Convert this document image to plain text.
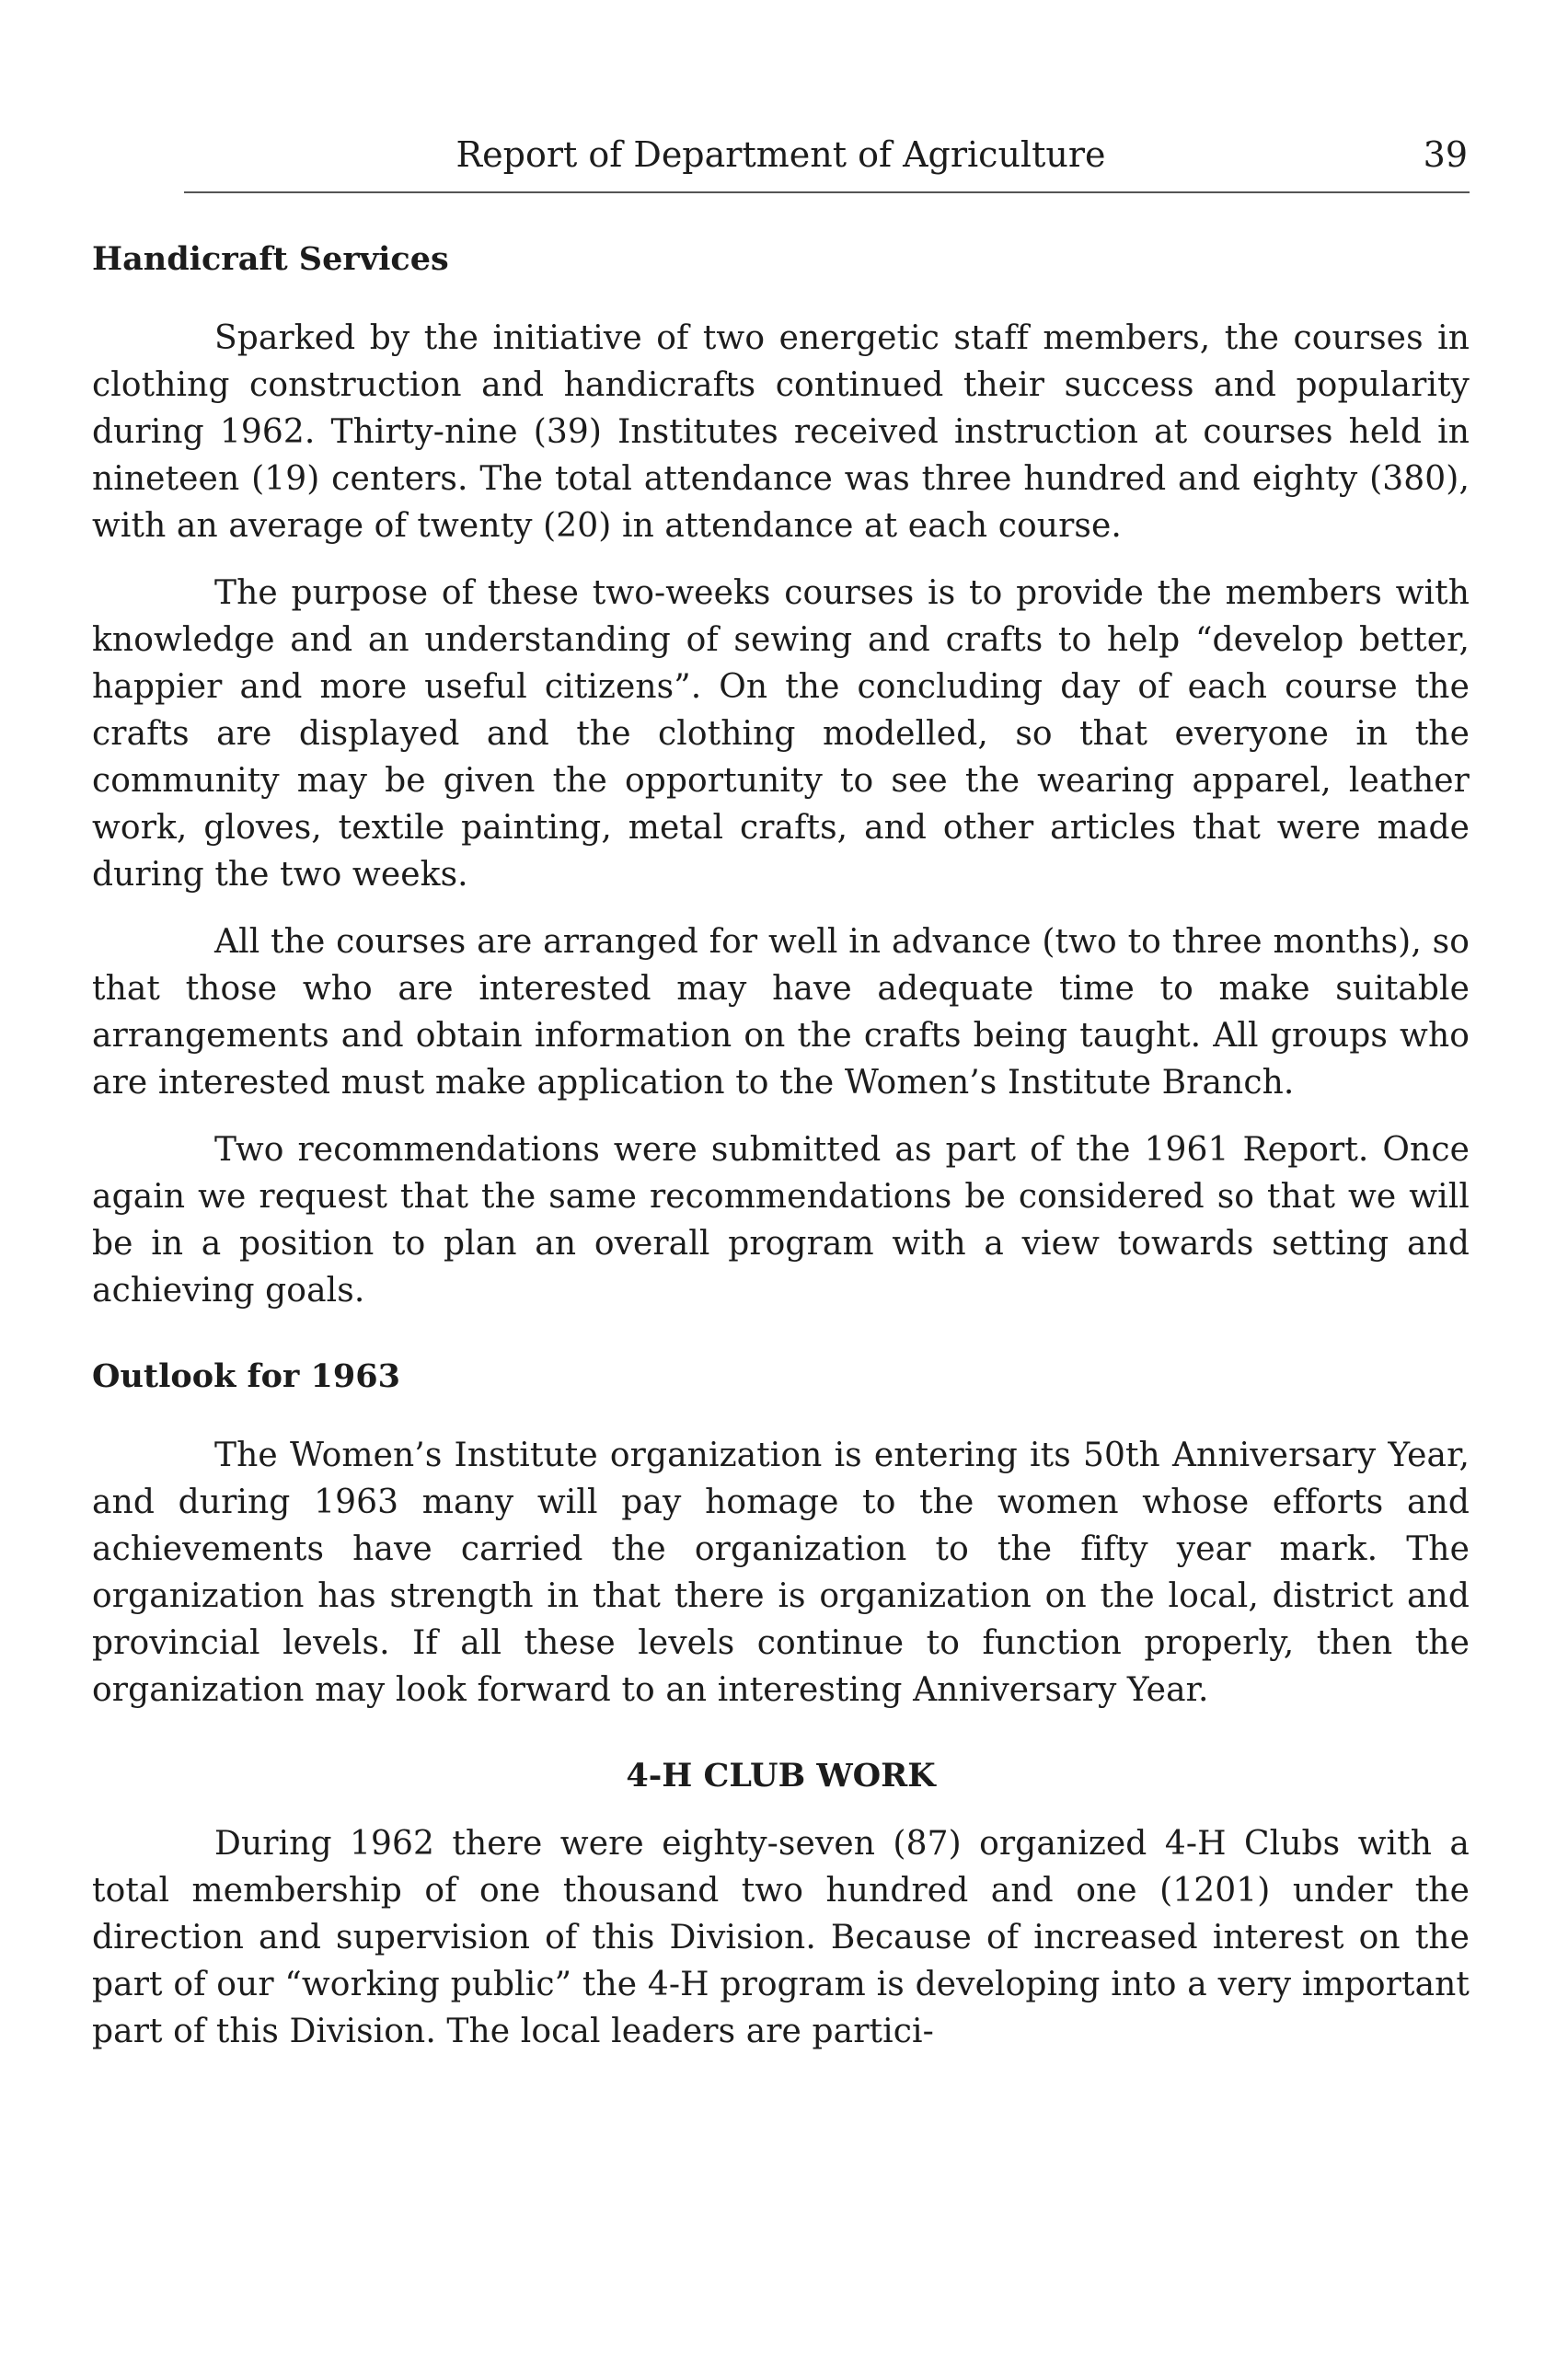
Report of Department of Agriculture	39
Handicraft Services

Sparked by the initiative of two energetic staff members, the courses in clothing construction and handicrafts continued their success and popularity during 1962. Thirty-nine (39) Institutes received instruction at courses held in nineteen (19) centers. The total attendance was three hundred and eighty (380), with an average of twenty (20) in attendance at each course.

The purpose of these two-weeks courses is to provide the members with knowledge and an understanding of sewing and crafts to help “develop better, happier and more useful citizens”. On the concluding day of each course the crafts are displayed and the clothing modelled, so that everyone in the community may be given the opportunity to see the wearing apparel, leather work, gloves, textile painting, metal crafts, and other articles that were made during the two weeks.

All the courses are arranged for well in advance (two to three months), so that those who are interested may have adequate time to make suitable arrangements and obtain information on the crafts being taught. All groups who are interested must make application to the Women’s Institute Branch.

Two recommendations were submitted as part of the 1961 Report. Once again we request that the same recommendations be considered so that we will be in a position to plan an overall program with a view towards setting and achieving goals.

Outlook for 1963

The Women’s Institute organization is entering its 50th Anniversary Year, and during 1963 many will pay homage to the women whose efforts and achievements have carried the organization to the fifty year mark. The organization has strength in that there is organization on the local, district and provincial levels. If all these levels continue to function properly, then the organization may look forward to an interesting Anniversary Year.

4-H CLUB WORK

During 1962 there were eighty-seven (87) organized 4-H Clubs with a total membership of one thousand two hundred and one (1201) under the direction and supervision of this Division. Because of increased interest on the part of our “working public” the 4-H program is developing into a very important part of this Division. The local leaders are partici-
